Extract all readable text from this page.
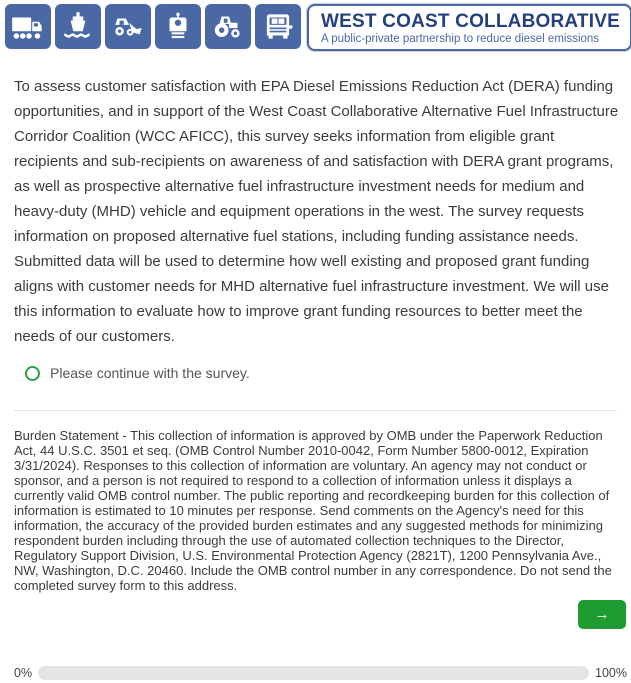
WEST COAST COLLABORATIVE
A public-private partnership to reduce diesel emissions

To assess customer satisfaction with EPA Diesel Emissions Reduction Act (DERA) funding opportunities, and in support of the West Coast Collaborative Alternative Fuel Infrastructure Corridor Coalition (WCC AFICC), this survey seeks information from eligible grant recipients and sub-recipients on awareness of and satisfaction with DERA grant programs, as well as prospective alternative fuel infrastructure investment needs for medium and heavy-duty (MHD) vehicle and equipment operations in the west. The survey requests information on proposed alternative fuel stations, including funding assistance needs. Submitted data will be used to determine how well existing and proposed grant funding aligns with customer needs for MHD alternative fuel infrastructure investment. We will use this information to evaluate how to improve grant funding resources to better meet the needs of our customers.

Please continue with the survey.

Burden Statement - This collection of information is approved by OMB under the Paperwork Reduction Act, 44 U.S.C. 3501 et seq. (OMB Control Number 2010-0042, Form Number 5800-0012, Expiration 3/31/2024). Responses to this collection of information are voluntary. An agency may not conduct or sponsor, and a person is not required to respond to a collection of information unless it displays a currently valid OMB control number. The public reporting and recordkeeping burden for this collection of information is estimated to 10 minutes per response. Send comments on the Agency's need for this information, the accuracy of the provided burden estimates and any suggested methods for minimizing respondent burden including through the use of automated collection techniques to the Director, Regulatory Support Division, U.S. Environmental Protection Agency (2821T), 1200 Pennsylvania Ave., NW, Washington, D.C. 20460. Include the OMB control number in any correspondence. Do not send the completed survey form to this address.

→
0%	100%
